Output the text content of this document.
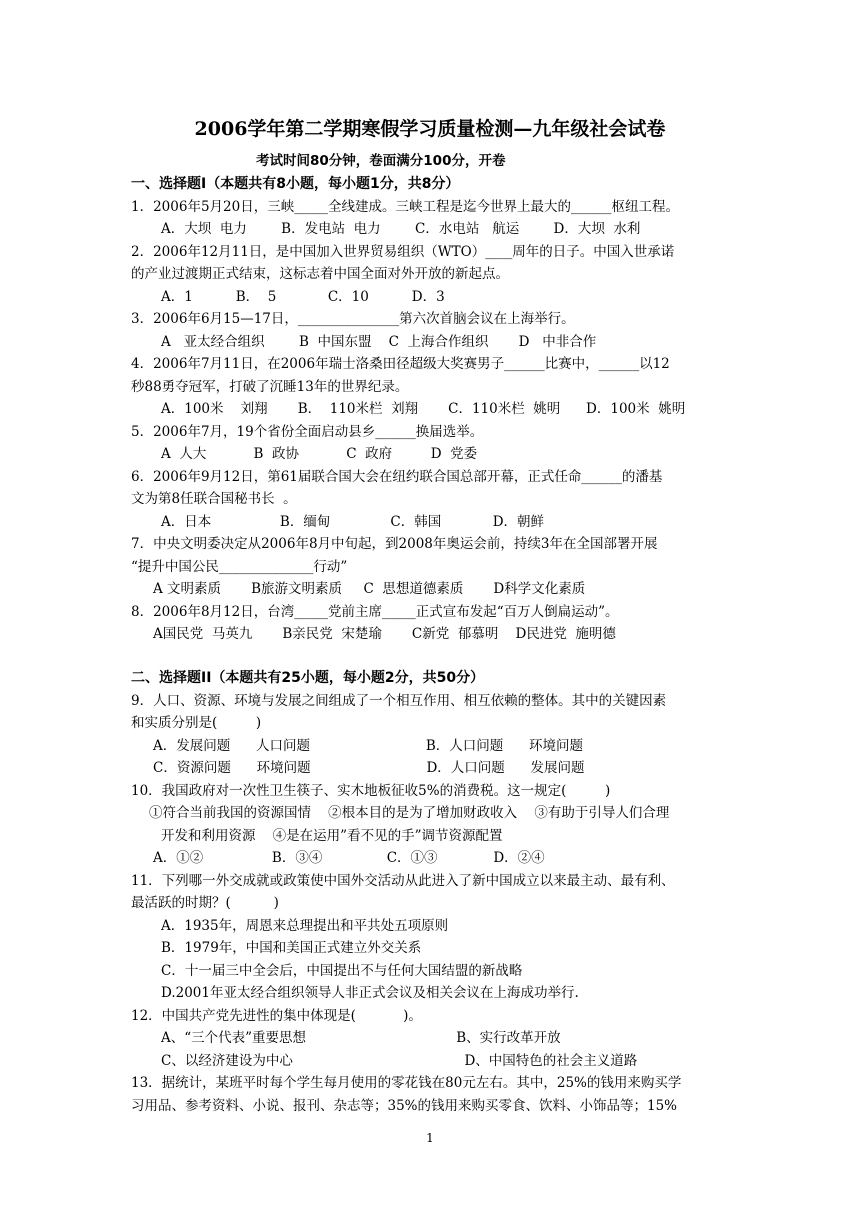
2006学年第二学期寒假学习质量检测—九年级社会试卷
考试时间80分钟，卷面满分100分，开卷
一、选择题Ⅰ（本题共有8小题，每小题1分，共8分）
1．2006年5月20日，三峡_____全线建成。三峡工程是迄今世界上最大的______枢纽工程。
A．大坝  电力        B．发电站  电力        C．水电站   航运        D．大坝  水利
2．2006年12月11日，是中国加入世界贸易组织（WTO）____周年的日子。中国入世承诺
的产业过渡期正式结束，这标志着中国全面对外开放的新起点。
A．1          B．  5            C．10          D．3
3．2006年6月15—17日，_______________第六次首脑会议在上海举行。
A   亚太经合组织        B  中国东盟    C  上海合作组织       D   中非合作
4．2006年7月11日，在2006年瑞士洛桑田径超级大奖赛男子______比赛中，______以12
秒88勇夺冠军，打破了沉睡13年的世界纪录。
A．100米    刘翔       B．  110米栏  刘翔       C．110米栏  姚明      D．100米  姚明
5．2006年7月，19个省份全面启动县乡______换届选举。
A  人大           B  政协           C  政府         D  党委
6．2006年9月12日，第61届联合国大会在纽约联合国总部开幕，正式任命______的潘基
文为第8任联合国秘书长  。
A．日本                B．缅甸              C．韩国            D．朝鲜
7．中央文明委决定从2006年8月中旬起，到2008年奥运会前，持续3年在全国部署开展
“提升中国公民______________行动”
A 文明素质       B旅游文明素质     C  思想道德素质       D科学文化素质
8．2006年8月12日，台湾_____党前主席_____正式宣布发起“百万人倒扁运动”。
A国民党  马英九       B亲民党  宋楚瑜       C新党  郁慕明    D民进党  施明德
二、选择题II（本题共有25小题，每小题2分，共50分）
9．人口、资源、环境与发展之间组成了一个相互作用、相互依赖的整体。其中的关键因素
和实质分别是(         )
A．发展问题      人口问题                           B．人口问题      环境问题
C．资源问题      环境问题                           D．人口问题      发展问题
10．我国政府对一次性卫生筷子、实木地板征收5%的消费税。这一规定(         )
①符合当前我国的资源国情    ②根本目的是为了增加财政收入    ③有助于引导人们合理
开发和利用资源    ④是在运用”看不见的手”调节资源配置
A．①②                B．③④               C．①③             D．②④
11．下列哪一外交成就或政策使中国外交活动从此进入了新中国成立以来最主动、最有利、
最活跃的时期？(          )
A．1935年，周恩来总理提出和平共处五项原则
B．1979年，中国和美国正式建立外交关系
C．十一届三中全会后，中国提出不与任何大国结盟的新战略
D.2001年亚太经合组织领导人非正式会议及相关会议在上海成功举行.
12．中国共产党先进性的集中体现是(           )。
A、“三个代表”重要思想                                   B、实行改革开放
C、以经济建设为中心                                        D、中国特色的社会主义道路
13．据统计，某班平时每个学生每月使用的零花钱在80元左右。其中，25%的钱用来购买学
习用品、参考资料、小说、报刊、杂志等；35%的钱用来购买零食、饮料、小饰品等；15%
1
